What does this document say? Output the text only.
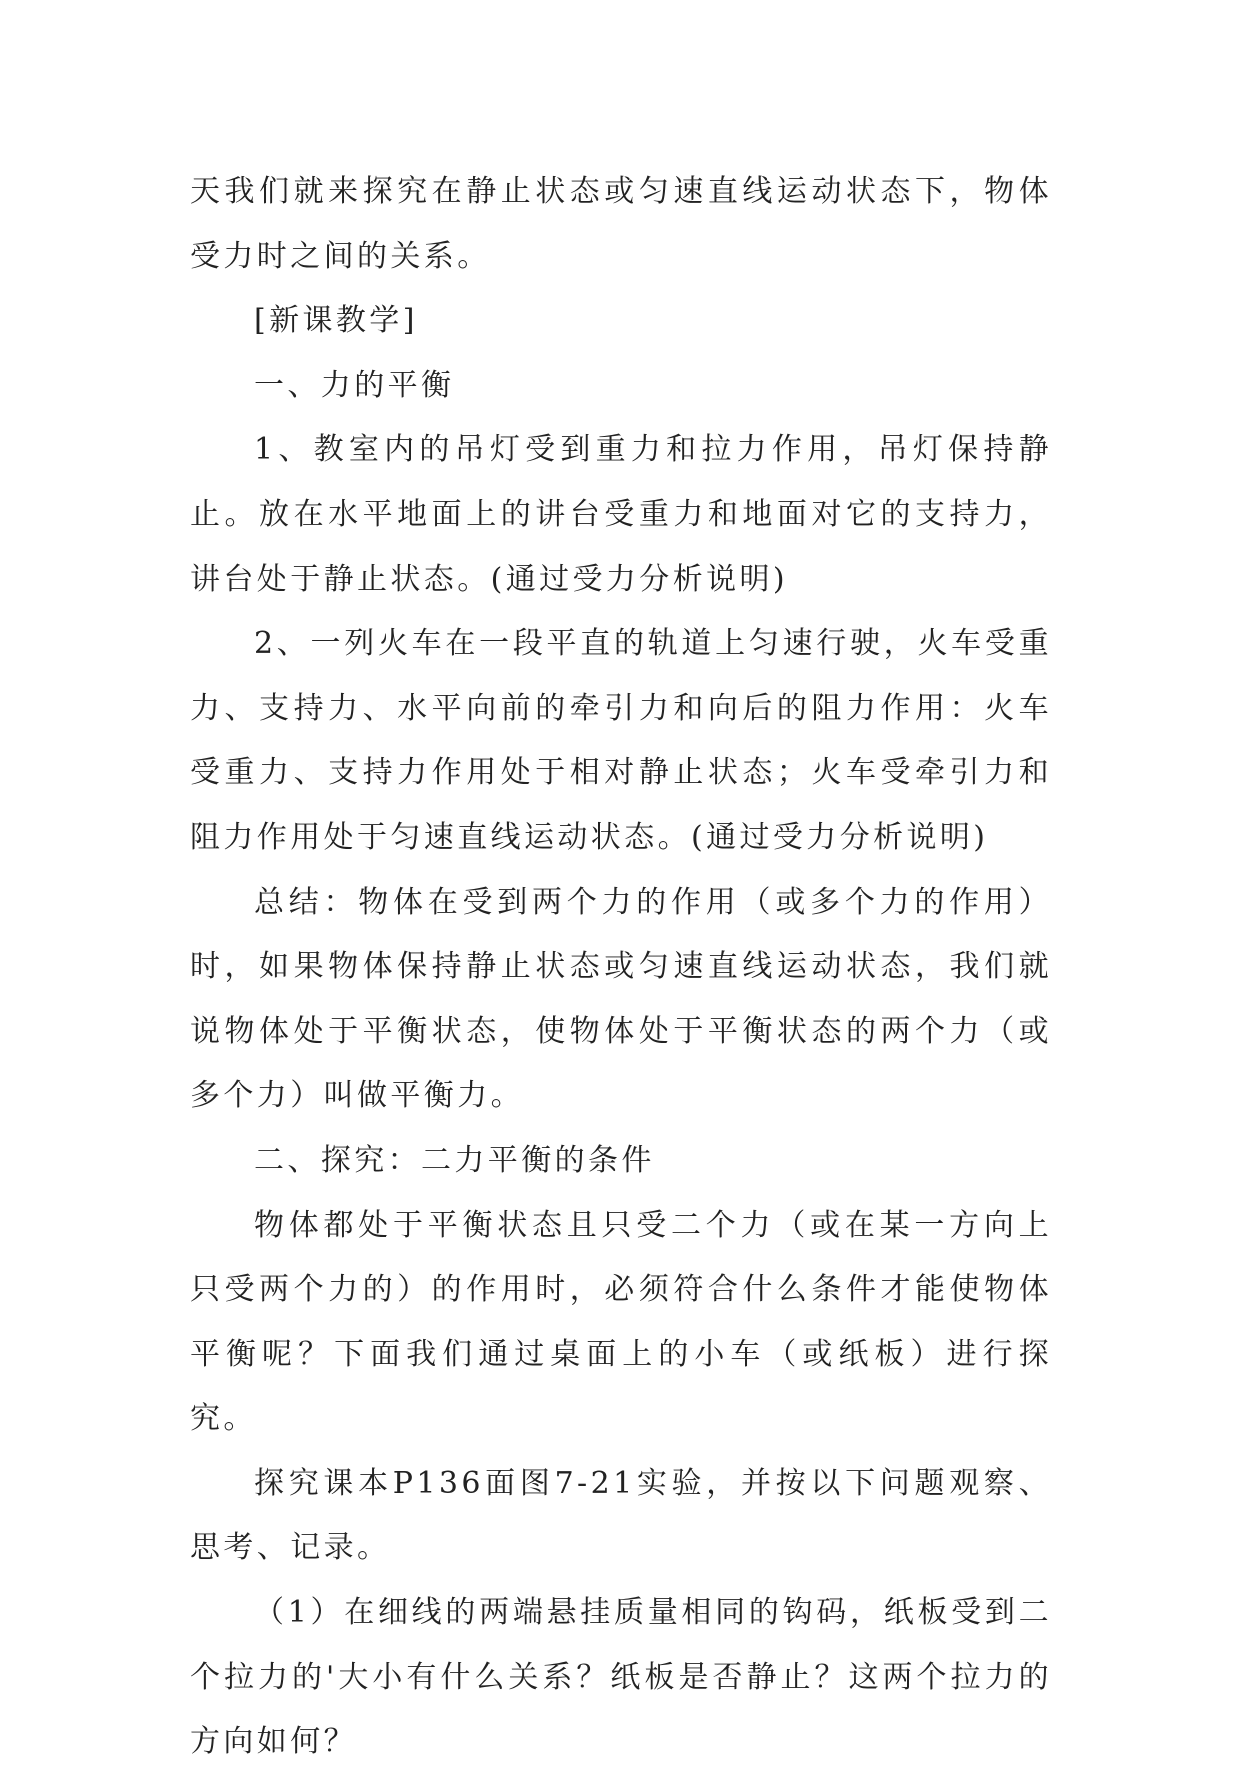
天我们就来探究在静止状态或匀速直线运动状态下，物体受力时之间的关系。

[新课教学]

一、力的平衡

1、教室内的吊灯受到重力和拉力作用，吊灯保持静止。放在水平地面上的讲台受重力和地面对它的支持力，讲台处于静止状态。(通过受力分析说明)

2、一列火车在一段平直的轨道上匀速行驶，火车受重力、支持力、水平向前的牵引力和向后的阻力作用：火车受重力、支持力作用处于相对静止状态；火车受牵引力和阻力作用处于匀速直线运动状态。(通过受力分析说明)

总结：物体在受到两个力的作用（或多个力的作用）时，如果物体保持静止状态或匀速直线运动状态，我们就说物体处于平衡状态，使物体处于平衡状态的两个力（或多个力）叫做平衡力。

二、探究：二力平衡的条件

物体都处于平衡状态且只受二个力（或在某一方向上只受两个力的）的作用时，必须符合什么条件才能使物体平衡呢？下面我们通过桌面上的小车（或纸板）进行探究。

探究课本P136面图7-21实验，并按以下问题观察、思考、记录。

（1）在细线的两端悬挂质量相同的钩码，纸板受到二个拉力的'大小有什么关系？纸板是否静止？这两个拉力的方向如何？
